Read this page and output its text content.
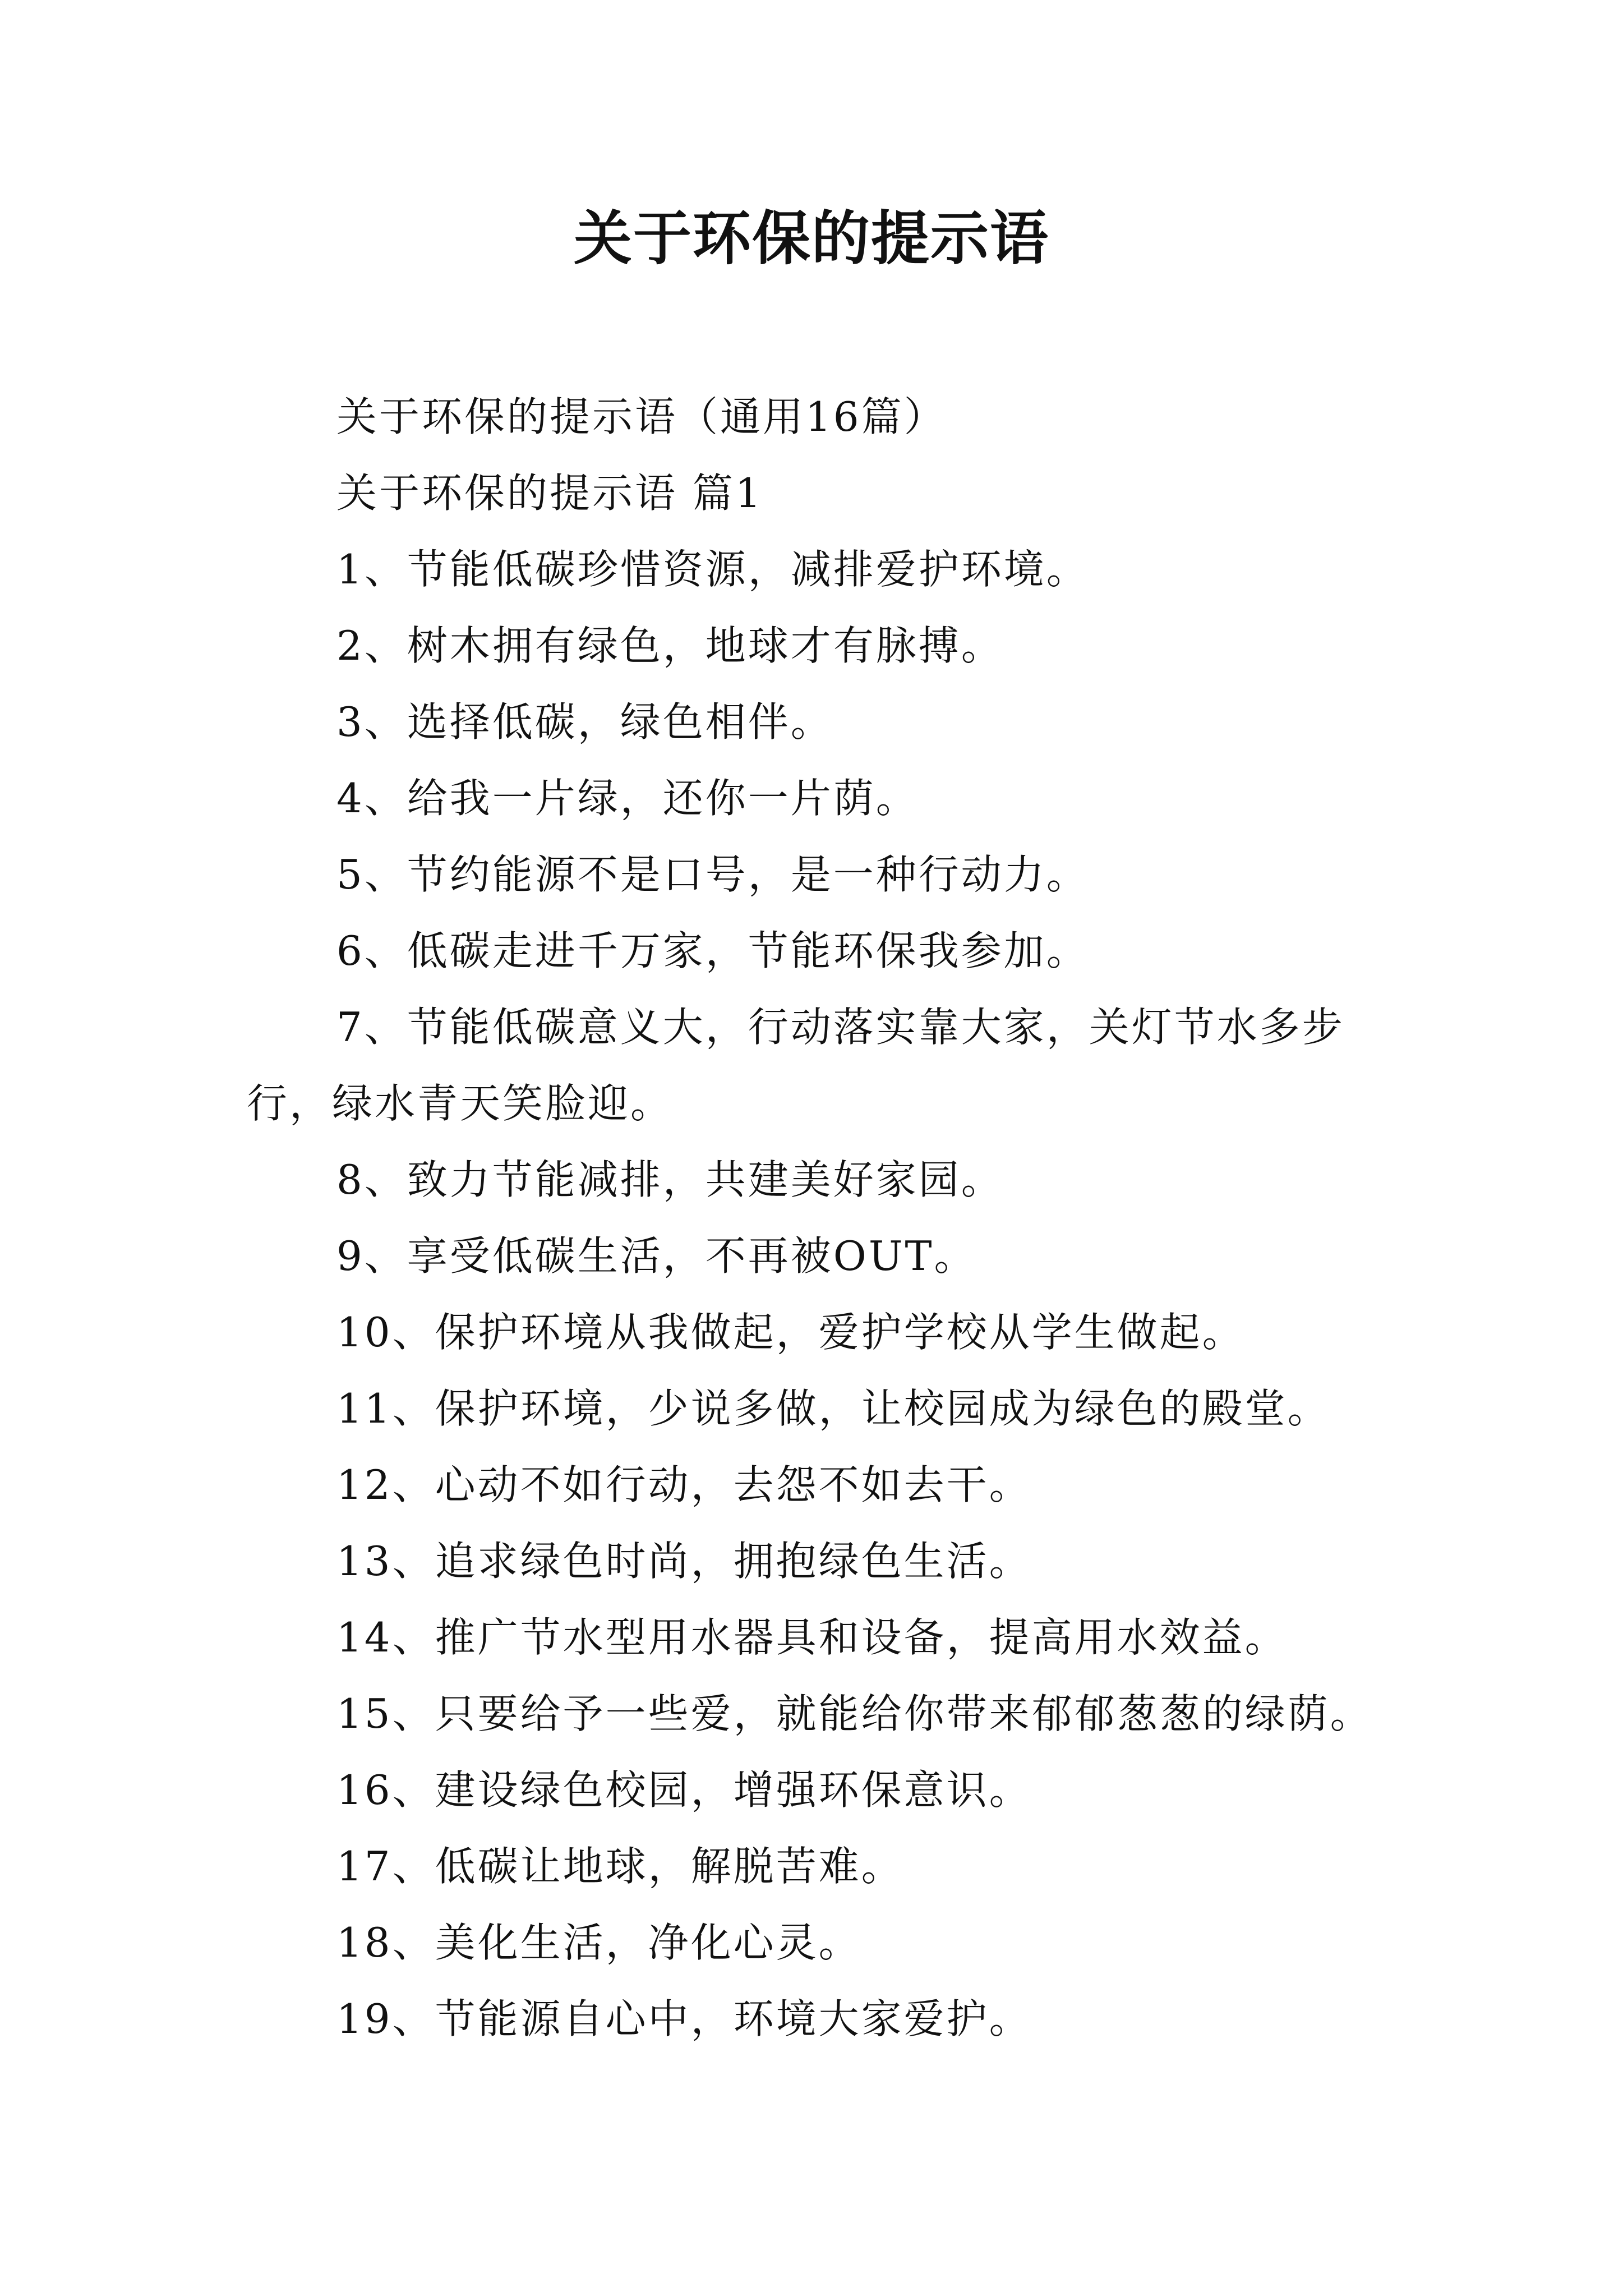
关于环保的提示语

关于环保的提示语（通用16篇）

关于环保的提示语 篇1

1、节能低碳珍惜资源，减排爱护环境。

2、树木拥有绿色，地球才有脉搏。

3、选择低碳，绿色相伴。

4、给我一片绿，还你一片荫。

5、节约能源不是口号，是一种行动力。

6、低碳走进千万家，节能环保我参加。

7、节能低碳意义大，行动落实靠大家，关灯节水多步行，绿水青天笑脸迎。

8、致力节能减排，共建美好家园。

9、享受低碳生活，不再被OUT。

10、保护环境从我做起，爱护学校从学生做起。

11、保护环境，少说多做，让校园成为绿色的殿堂。

12、心动不如行动，去怨不如去干。

13、追求绿色时尚，拥抱绿色生活。

14、推广节水型用水器具和设备，提高用水效益。

15、只要给予一些爱，就能给你带来郁郁葱葱的绿荫。

16、建设绿色校园，增强环保意识。

17、低碳让地球，解脱苦难。

18、美化生活，净化心灵。

19、节能源自心中，环境大家爱护。
